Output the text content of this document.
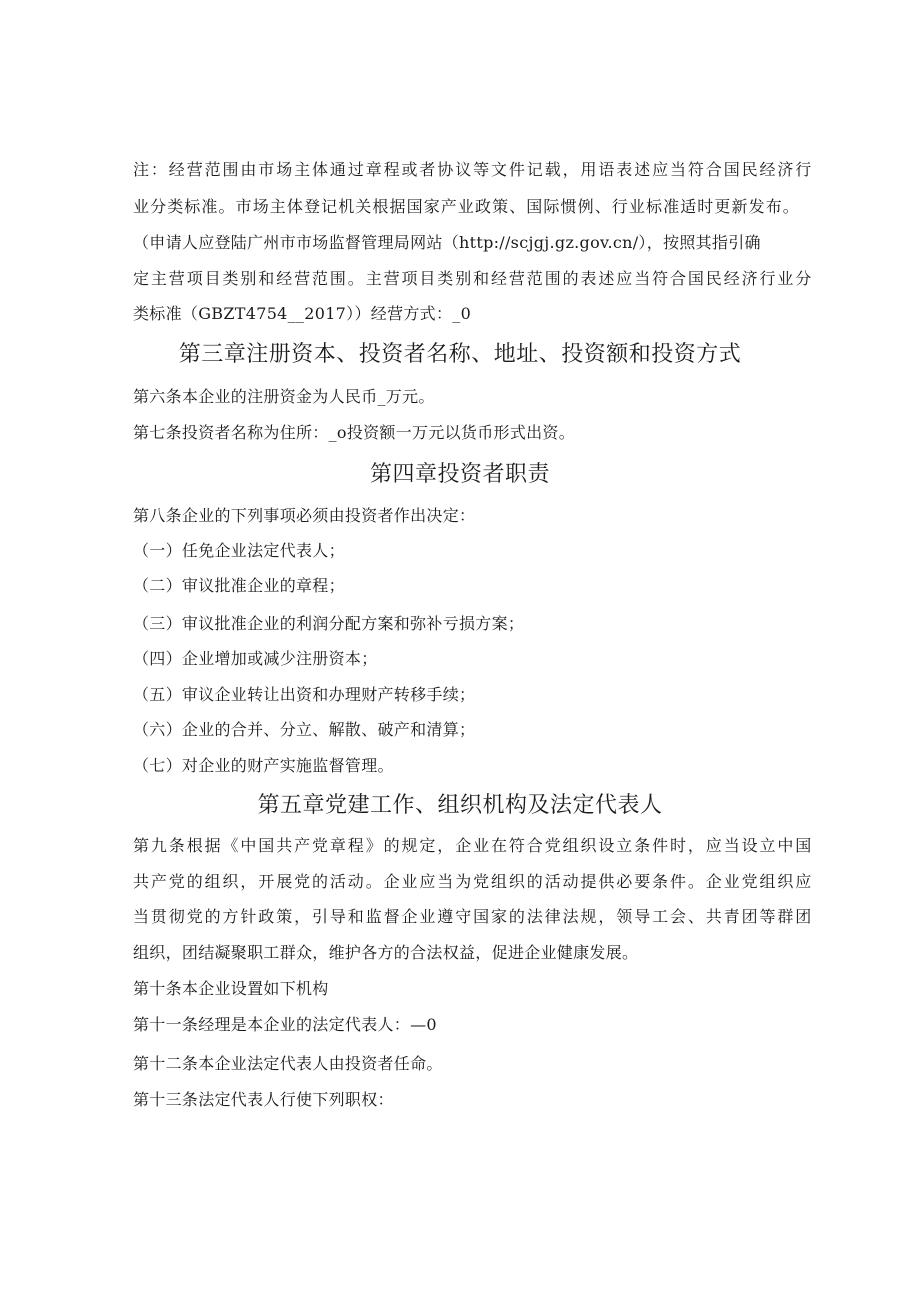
注：经营范围由市场主体通过章程或者协议等文件记载，用语表述应当符合国民经济行
业分类标准。市场主体登记机关根据国家产业政策、国际惯例、行业标准适时更新发布。
（申请人应登陆广州市市场监督管理局网站（http://scjgj.gz.gov.cn/），按照其指引确
定主营项目类别和经营范围。主营项目类别和经营范围的表述应当符合国民经济行业分
类标准（GBZT4754__2017））经营方式：_0
第三章注册资本、投资者名称、地址、投资额和投资方式
第六条本企业的注册资金为人民币_万元。
第七条投资者名称为住所：_o投资额一万元以货币形式出资。
第四章投资者职责
第八条企业的下列事项必须由投资者作出决定：
（一）任免企业法定代表人；
（二）审议批准企业的章程；
（三）审议批准企业的利润分配方案和弥补亏损方案；
（四）企业增加或减少注册资本；
（五）审议企业转让出资和办理财产转移手续；
（六）企业的合并、分立、解散、破产和清算；
（七）对企业的财产实施监督管理。
第五章党建工作、组织机构及法定代表人
第九条根据《中国共产党章程》的规定，企业在符合党组织设立条件时，应当设立中国
共产党的组织，开展党的活动。企业应当为党组织的活动提供必要条件。企业党组织应
当贯彻党的方针政策，引导和监督企业遵守国家的法律法规，领导工会、共青团等群团
组织，团结凝聚职工群众，维护各方的合法权益，促进企业健康发展。
第十条本企业设置如下机构
第十一条经理是本企业的法定代表人：—0
第十二条本企业法定代表人由投资者任命。
第十三条法定代表人行使下列职权：
